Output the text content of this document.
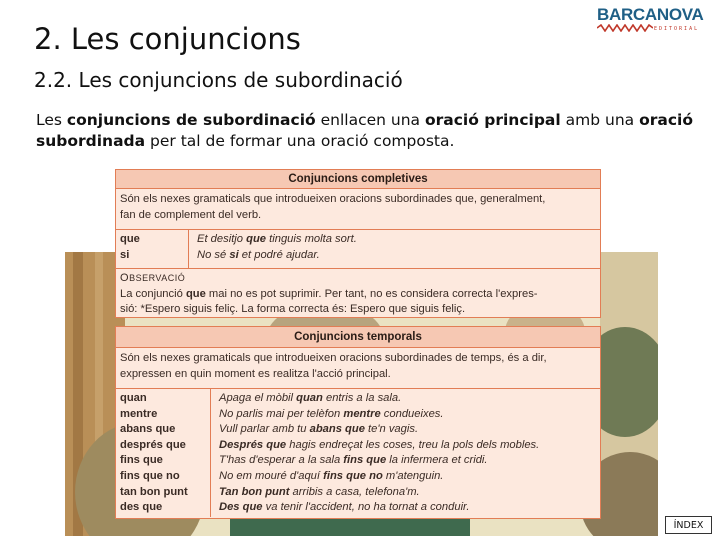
BARCANOVA
EDITORIAL
2. Les conjuncions
2.2. Les conjuncions de subordinació

Les conjuncions de subordinació enllacen una oració principal amb una oració subordinada per tal de formar una oració composta.

Conjuncions completives
Són els nexes gramaticals que introdueixen oracions subordinades que, generalment,
fan de complement del verb.
que
si
Et desitjo que tinguis molta sort.
No sé si et podré ajudar.
OBSERVACIÓ
La conjunció que mai no es pot suprimir. Per tant, no es considera correcta l'expres-
sió: *Espero siguis feliç. La forma correcta és: Espero que siguis feliç.
Conjuncions temporals
Són els nexes gramaticals que introdueixen oracions subordinades de temps, és a dir,
expressen en quin moment es realitza l'acció principal.
quan
mentre
abans que
després que
fins que
fins que no
tan bon punt
des que
Apaga el mòbil quan entris a la sala.
No parlis mai per telèfon mentre condueixes.
Vull parlar amb tu abans que te'n vagis.
Després que hagis endreçat les coses, treu la pols dels mobles.
T'has d'esperar a la sala fins que la infermera et cridi.
No em mouré d'aquí fins que no m'atenguin.
Tan bon punt arribis a casa, telefona'm.
Des que va tenir l'accident, no ha tornat a conduir.
ÍNDEX
